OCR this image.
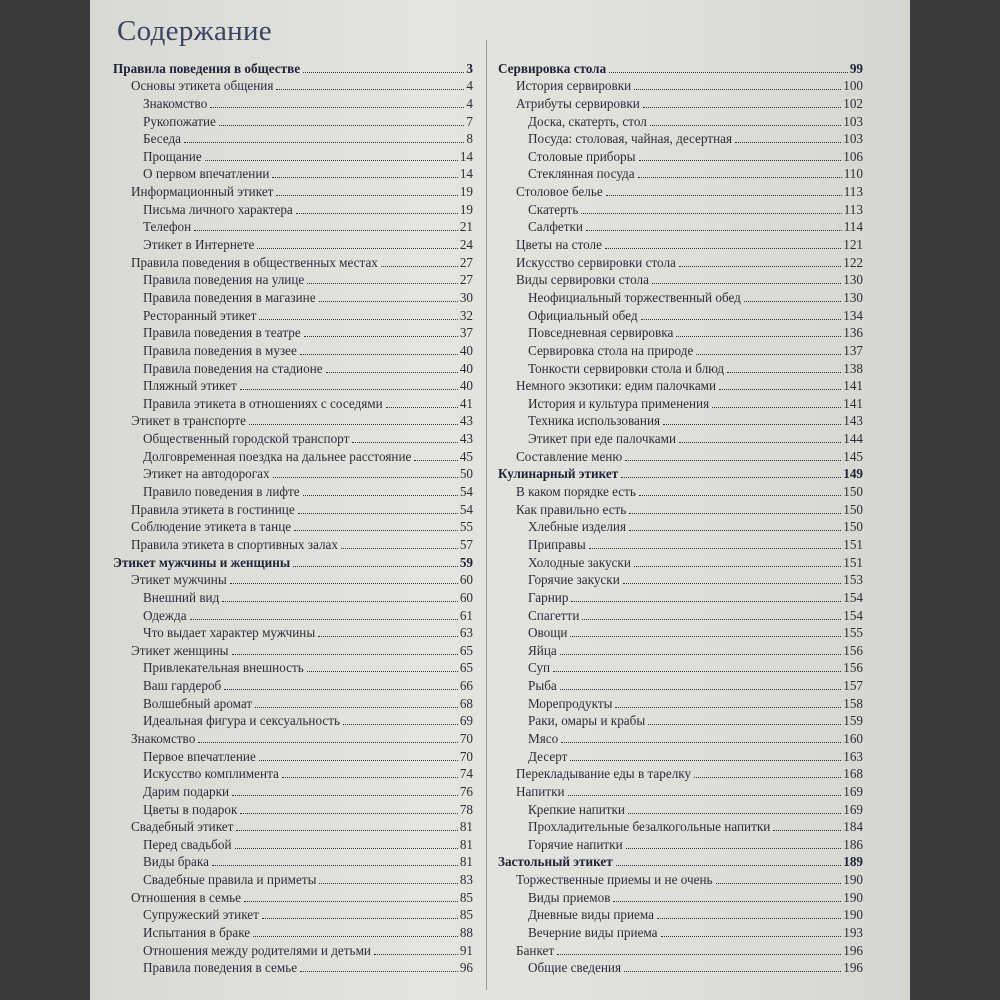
Содержание
Правила поведения в обществе	3
Основы этикета общения	4
Знакомство	4
Рукопожатие	7
Беседа	8
Прощание	14
О первом впечатлении	14
Информационный этикет	19
Письма личного характера	19
Телефон	21
Этикет в Интернете	24
Правила поведения в общественных местах	27
Правила поведения на улице	27
Правила поведения в магазине	30
Ресторанный этикет	32
Правила поведения в театре	37
Правила поведения в музее	40
Правила поведения на стадионе	40
Пляжный этикет	40
Правила этикета в отношениях с соседями	41
Этикет в транспорте	43
Общественный городской транспорт	43
Долговременная поездка на дальнее расстояние	45
Этикет на автодорогах	50
Правило поведения в лифте	54
Правила этикета в гостинице	54
Соблюдение этикета в танце	55
Правила этикета в спортивных залах	57
Этикет мужчины и женщины	59
Этикет мужчины	60
Внешний вид	60
Одежда	61
Что выдает характер мужчины	63
Этикет женщины	65
Привлекательная внешность	65
Ваш гардероб	66
Волшебный аромат	68
Идеальная фигура и сексуальность	69
Знакомство	70
Первое впечатление	70
Искусство комплимента	74
Дарим подарки	76
Цветы в подарок	78
Свадебный этикет	81
Перед свадьбой	81
Виды брака	81
Свадебные правила и приметы	83
Отношения в семье	85
Супружеский этикет	85
Испытания в браке	88
Отношения между родителями и детьми	91
Правила поведения в семье	96
Сервировка стола	99
История сервировки	100
Атрибуты сервировки	102
Доска, скатерть, стол	103
Посуда: столовая, чайная, десертная	103
Столовые приборы	106
Стеклянная посуда	110
Столовое белье	113
Скатерть	113
Салфетки	114
Цветы на столе	121
Искусство сервировки стола	122
Виды сервировки стола	130
Неофициальный торжественный обед	130
Официальный обед	134
Повседневная сервировка	136
Сервировка стола на природе	137
Тонкости сервировки стола и блюд	138
Немного экзотики: едим палочками	141
История и культура применения	141
Техника использования	143
Этикет при еде палочками	144
Составление меню	145
Кулинарный этикет	149
В каком порядке есть	150
Как правильно есть	150
Хлебные изделия	150
Приправы	151
Холодные закуски	151
Горячие закуски	153
Гарнир	154
Спагетти	154
Овощи	155
Яйца	156
Суп	156
Рыба	157
Морепродукты	158
Раки, омары и крабы	159
Мясо	160
Десерт	163
Перекладывание еды в тарелку	168
Напитки	169
Крепкие напитки	169
Прохладительные безалкогольные напитки	184
Горячие напитки	186
Застольный этикет	189
Торжественные приемы и не очень	190
Виды приемов	190
Дневные виды приема	190
Вечерние виды приема	193
Банкет	196
Общие сведения	196
